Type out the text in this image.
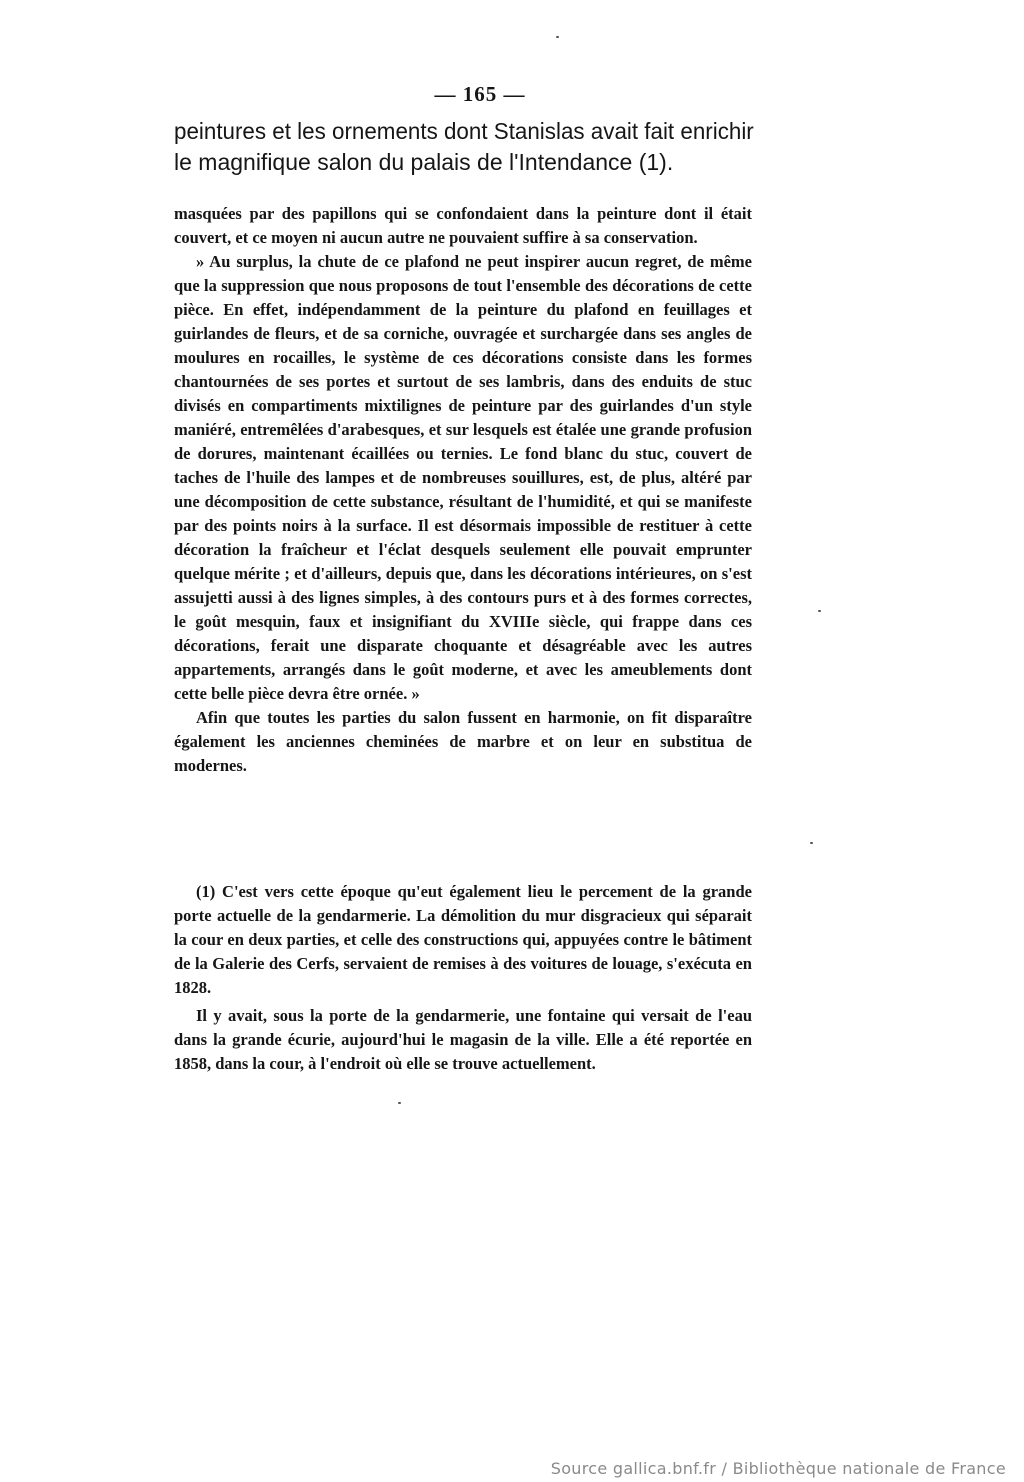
— 165 —
peintures et les ornements dont Stanislas avait fait enrichir
le magnifique salon du palais de l'Intendance (1).

masquées par des papillons qui se confondaient dans la peinture dont il était couvert, et ce moyen ni aucun autre ne pouvaient suffire à sa conservation.

» Au surplus, la chute de ce plafond ne peut inspirer aucun regret, de même que la suppression que nous proposons de tout l'ensemble des décorations de cette pièce. En effet, indépendamment de la peinture du plafond en feuillages et guirlandes de fleurs, et de sa corniche, ouvragée et surchargée dans ses angles de moulures en rocailles, le système de ces décorations consiste dans les formes chantournées de ses portes et surtout de ses lambris, dans des enduits de stuc divisés en compartiments mixtilignes de peinture par des guirlandes d'un style maniéré, entremêlées d'arabesques, et sur lesquels est étalée une grande profusion de dorures, maintenant écaillées ou ternies. Le fond blanc du stuc, couvert de taches de l'huile des lampes et de nombreuses souillures, est, de plus, altéré par une décomposition de cette substance, résultant de l'humidité, et qui se manifeste par des points noirs à la surface. Il est désormais impossible de restituer à cette décoration la fraîcheur et l'éclat desquels seulement elle pouvait emprunter quelque mérite ; et d'ailleurs, depuis que, dans les décorations intérieures, on s'est assujetti aussi à des lignes simples, à des contours purs et à des formes correctes, le goût mesquin, faux et insignifiant du XVIIIe siècle, qui frappe dans ces décorations, ferait une disparate choquante et désagréable avec les autres appartements, arrangés dans le goût moderne, et avec les ameublements dont cette belle pièce devra être ornée. »

Afin que toutes les parties du salon fussent en harmonie, on fit disparaître également les anciennes cheminées de marbre et on leur en substitua de modernes.

(1) C'est vers cette époque qu'eut également lieu le percement de la grande porte actuelle de la gendarmerie. La démolition du mur disgracieux qui séparait la cour en deux parties, et celle des constructions qui, appuyées contre le bâtiment de la Galerie des Cerfs, servaient de remises à des voitures de louage, s'exécuta en 1828.

Il y avait, sous la porte de la gendarmerie, une fontaine qui versait de l'eau dans la grande écurie, aujourd'hui le magasin de la ville. Elle a été reportée en 1858, dans la cour, à l'endroit où elle se trouve actuellement.

Source gallica.bnf.fr / Bibliothèque nationale de France
